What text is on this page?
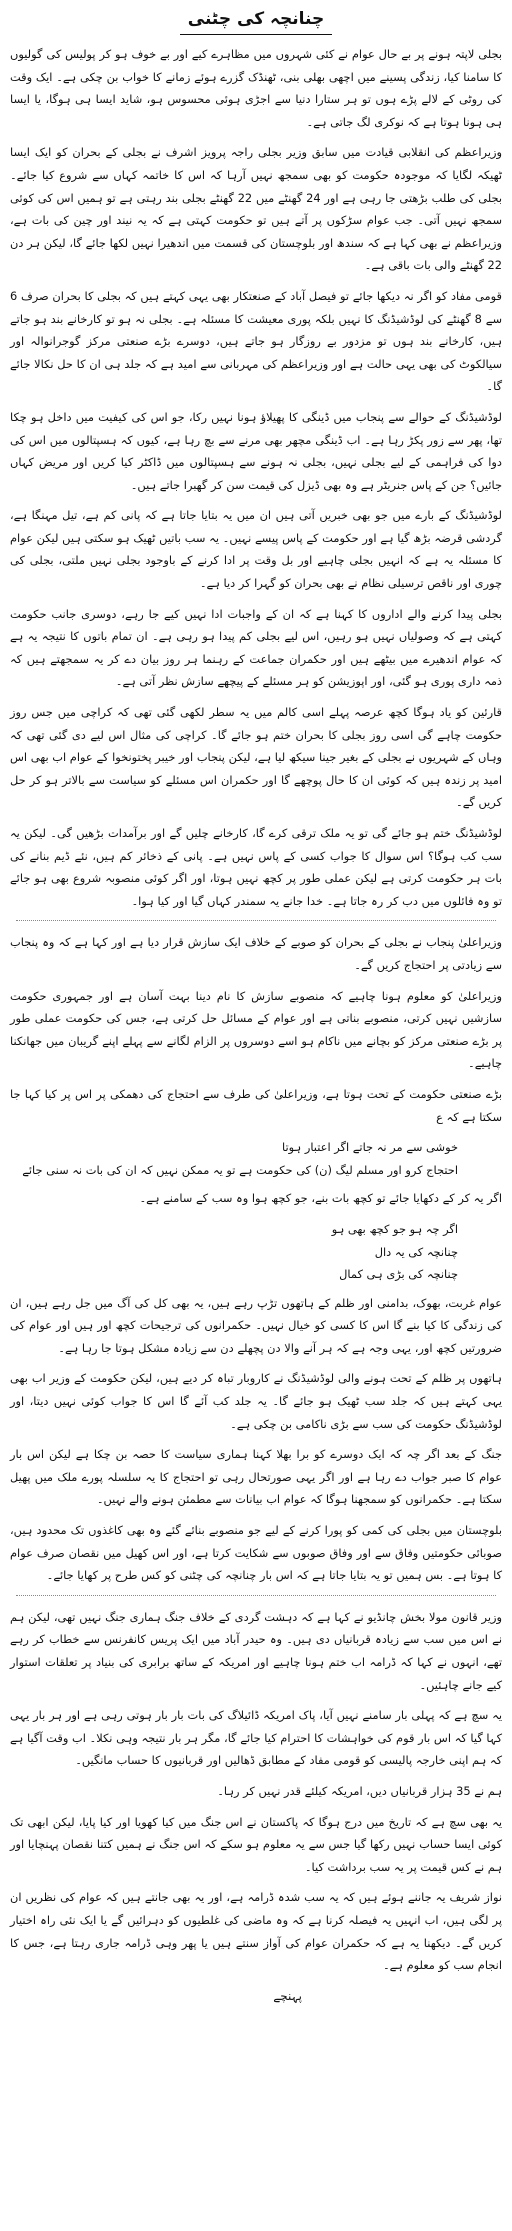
چنانچہ کی چٹنی

بجلی لاپتہ ہونے پر بے حال عوام نے کئی شہروں میں مظاہرے کیے اور بے خوف ہو کر پولیس کی گولیوں کا سامنا کیا، زندگی پسینے میں اچھی بھلی بنی، ٹھنڈک گزرے ہوئے زمانے کا خواب بن چکی ہے۔ ایک وقت کی روٹی کے لالے پڑے ہوں تو ہر ستارا دنیا سے اجڑی ہوئی محسوس ہو، شاید ایسا ہی ہوگا، یا ایسا ہی ہونا ہوتا ہے کہ نوکری لگ جاتی ہے۔

وزیراعظم کی انقلابی قیادت میں سابق وزیر بجلی راجہ پرویز اشرف نے بجلی کے بحران کو ایک ایسا ٹھیکہ لگایا کہ موجودہ حکومت کو بھی سمجھ نہیں آرہا کہ اس کا خاتمہ کہاں سے شروع کیا جائے۔ بجلی کی طلب بڑھتی جا رہی ہے اور 24 گھنٹے میں 22 گھنٹے بجلی بند رہتی ہے تو ہمیں اس کی کوئی سمجھ نہیں آتی۔ جب عوام سڑکوں پر آتے ہیں تو حکومت کہتی ہے کہ یہ نیند اور چین کی بات ہے، وزیراعظم نے بھی کہا ہے کہ سندھ اور بلوچستان کی قسمت میں اندھیرا نہیں لکھا جائے گا، لیکن ہر دن 22 گھنٹے والی بات باقی ہے۔

قومی مفاد کو اگر نہ دیکھا جائے تو فیصل آباد کے صنعتکار بھی یہی کہتے ہیں کہ بجلی کا بحران صرف 6 سے 8 گھنٹے کی لوڈشیڈنگ کا نہیں بلکہ پوری معیشت کا مسئلہ ہے۔ بجلی نہ ہو تو کارخانے بند ہو جاتے ہیں، کارخانے بند ہوں تو مزدور بے روزگار ہو جاتے ہیں، دوسرے بڑے صنعتی مرکز گوجرانوالہ اور سیالکوٹ کی بھی یہی حالت ہے اور وزیراعظم کی مہربانی سے امید ہے کہ جلد ہی ان کا حل نکالا جائے گا۔

لوڈشیڈنگ کے حوالے سے پنجاب میں ڈینگی کا پھیلاؤ ہونا نہیں رکا، جو اس کی کیفیت میں داخل ہو چکا تھا، پھر سے زور پکڑ رہا ہے۔ اب ڈینگی مچھر بھی مرنے سے بچ رہا ہے، کیوں کہ ہسپتالوں میں اس کی دوا کی فراہمی کے لیے بجلی نہیں، بجلی نہ ہونے سے ہسپتالوں میں ڈاکٹر کیا کریں اور مریض کہاں جائیں؟ جن کے پاس جنریٹر ہے وہ بھی ڈیزل کی قیمت سن کر گھبرا جاتے ہیں۔

لوڈشیڈنگ کے بارے میں جو بھی خبریں آتی ہیں ان میں یہ بتایا جاتا ہے کہ پانی کم ہے، تیل مہنگا ہے، گردشی قرضہ بڑھ گیا ہے اور حکومت کے پاس پیسے نہیں۔ یہ سب باتیں ٹھیک ہو سکتی ہیں لیکن عوام کا مسئلہ یہ ہے کہ انہیں بجلی چاہیے اور بل وقت پر ادا کرنے کے باوجود بجلی نہیں ملتی، بجلی کی چوری اور ناقص ترسیلی نظام نے بھی بحران کو گہرا کر دیا ہے۔

بجلی پیدا کرنے والے اداروں کا کہنا ہے کہ ان کے واجبات ادا نہیں کیے جا رہے، دوسری جانب حکومت کہتی ہے کہ وصولیاں نہیں ہو رہیں، اس لیے بجلی کم پیدا ہو رہی ہے۔ ان تمام باتوں کا نتیجہ یہ ہے کہ عوام اندھیرے میں بیٹھے ہیں اور حکمران جماعت کے رہنما ہر روز بیان دے کر یہ سمجھتے ہیں کہ ذمہ داری پوری ہو گئی، اور اپوزیشن کو ہر مسئلے کے پیچھے سازش نظر آتی ہے۔

قارئین کو یاد ہوگا کچھ عرصہ پہلے اسی کالم میں یہ سطر لکھی گئی تھی کہ کراچی میں جس روز حکومت چاہے گی اسی روز بجلی کا بحران ختم ہو جائے گا۔ کراچی کی مثال اس لیے دی گئی تھی کہ وہاں کے شہریوں نے بجلی کے بغیر جینا سیکھ لیا ہے، لیکن پنجاب اور خیبر پختونخوا کے عوام اب بھی اس امید پر زندہ ہیں کہ کوئی ان کا حال پوچھے گا اور حکمران اس مسئلے کو سیاست سے بالاتر ہو کر حل کریں گے۔

لوڈشیڈنگ ختم ہو جائے گی تو یہ ملک ترقی کرے گا، کارخانے چلیں گے اور برآمدات بڑھیں گی۔ لیکن یہ سب کب ہوگا؟ اس سوال کا جواب کسی کے پاس نہیں ہے۔ پانی کے ذخائر کم ہیں، نئے ڈیم بنانے کی بات ہر حکومت کرتی ہے لیکن عملی طور پر کچھ نہیں ہوتا، اور اگر کوئی منصوبہ شروع بھی ہو جائے تو وہ فائلوں میں دب کر رہ جاتا ہے۔ خدا جانے یہ سمندر کہاں گیا اور کیا ہوا۔

وزیراعلیٰ پنجاب نے بجلی کے بحران کو صوبے کے خلاف ایک سازش قرار دیا ہے اور کہا ہے کہ وہ پنجاب سے زیادتی پر احتجاج کریں گے۔

وزیراعلیٰ کو معلوم ہونا چاہیے کہ منصوبے سازش کا نام دینا بہت آسان ہے اور جمہوری حکومت سازشیں نہیں کرتی، منصوبے بناتی ہے اور عوام کے مسائل حل کرتی ہے، جس کی حکومت عملی طور پر بڑے صنعتی مرکز کو بچانے میں ناکام ہو اسے دوسروں پر الزام لگانے سے پہلے اپنے گریبان میں جھانکنا چاہیے۔

بڑے صنعتی حکومت کے تحت ہوتا ہے، وزیراعلیٰ کی طرف سے احتجاج کی دھمکی پر اس پر کیا کہا جا سکتا ہے کہ ع

خوشی سے مر نہ جاتے اگر اعتبار ہوتا

احتجاج کرو اور مسلم لیگ (ن) کی حکومت ہے تو یہ ممکن نہیں کہ ان کی بات نہ سنی جائے

اگر یہ کر کے دکھایا جائے تو کچھ بات بنے، جو کچھ ہوا وہ سب کے سامنے ہے۔

اگر چہ ہو جو کچھ بھی ہو

چنانچہ کی یہ دال

چنانچہ کی بڑی ہی کمال

عوام غربت، بھوک، بدامنی اور ظلم کے ہاتھوں تڑپ رہے ہیں، یہ بھی کل کی آگ میں جل رہے ہیں، ان کی زندگی کا کیا بنے گا اس کا کسی کو خیال نہیں۔ حکمرانوں کی ترجیحات کچھ اور ہیں اور عوام کی ضرورتیں کچھ اور، یہی وجہ ہے کہ ہر آنے والا دن پچھلے دن سے زیادہ مشکل ہوتا جا رہا ہے۔

ہاتھوں پر ظلم کے تحت ہونے والی لوڈشیڈنگ نے کاروبار تباہ کر دیے ہیں، لیکن حکومت کے وزیر اب بھی یہی کہتے ہیں کہ جلد سب ٹھیک ہو جائے گا۔ یہ جلد کب آئے گا اس کا جواب کوئی نہیں دیتا، اور لوڈشیڈنگ حکومت کی سب سے بڑی ناکامی بن چکی ہے۔

جنگ کے بعد اگر چہ کہ ایک دوسرے کو برا بھلا کہنا ہماری سیاست کا حصہ بن چکا ہے لیکن اس بار عوام کا صبر جواب دے رہا ہے اور اگر یہی صورتحال رہی تو احتجاج کا یہ سلسلہ پورے ملک میں پھیل سکتا ہے۔ حکمرانوں کو سمجھنا ہوگا کہ عوام اب بیانات سے مطمئن ہونے والے نہیں۔

بلوچستان میں بجلی کی کمی کو پورا کرنے کے لیے جو منصوبے بنائے گئے وہ بھی کاغذوں تک محدود ہیں، صوبائی حکومتیں وفاق سے اور وفاق صوبوں سے شکایت کرتا ہے، اور اس کھیل میں نقصان صرف عوام کا ہوتا ہے۔ بس ہمیں تو یہ بتایا جاتا ہے کہ اس بار چنانچہ کی چٹنی کو کس طرح پر کھایا جائے۔

وزیر قانون مولا بخش چانڈیو نے کہا ہے کہ دہشت گردی کے خلاف جنگ ہماری جنگ نہیں تھی، لیکن ہم نے اس میں سب سے زیادہ قربانیاں دی ہیں۔ وہ حیدر آباد میں ایک پریس کانفرنس سے خطاب کر رہے تھے، انہوں نے کہا کہ ڈرامہ اب ختم ہونا چاہیے اور امریکہ کے ساتھ برابری کی بنیاد پر تعلقات استوار کیے جانے چاہئیں۔

یہ سچ ہے کہ پہلی بار سامنے نہیں آیا، پاک امریکہ ڈائیلاگ کی بات بار بار ہوتی رہی ہے اور ہر بار یہی کہا گیا کہ اس بار قوم کی خواہشات کا احترام کیا جائے گا، مگر ہر بار نتیجہ وہی نکلا۔ اب وقت آگیا ہے کہ ہم اپنی خارجہ پالیسی کو قومی مفاد کے مطابق ڈھالیں اور قربانیوں کا حساب مانگیں۔

ہم نے 35 ہزار قربانیاں دیں، امریکہ کیلئے قدر نہیں کر رہا۔

یہ بھی سچ ہے کہ تاریخ میں درج ہوگا کہ پاکستان نے اس جنگ میں کیا کھویا اور کیا پایا، لیکن ابھی تک کوئی ایسا حساب نہیں رکھا گیا جس سے یہ معلوم ہو سکے کہ اس جنگ نے ہمیں کتنا نقصان پہنچایا اور ہم نے کس قیمت پر یہ سب برداشت کیا۔

نواز شریف یہ جاننے ہوئے ہیں کہ یہ سب شدہ ڈرامہ ہے، اور یہ بھی جانتے ہیں کہ عوام کی نظریں ان پر لگی ہیں، اب انہیں یہ فیصلہ کرنا ہے کہ وہ ماضی کی غلطیوں کو دہرائیں گے یا ایک نئی راہ اختیار کریں گے۔ دیکھنا یہ ہے کہ حکمران عوام کی آواز سنتے ہیں یا پھر وہی ڈرامہ جاری رہتا ہے، جس کا انجام سب کو معلوم ہے۔

پہنچے
